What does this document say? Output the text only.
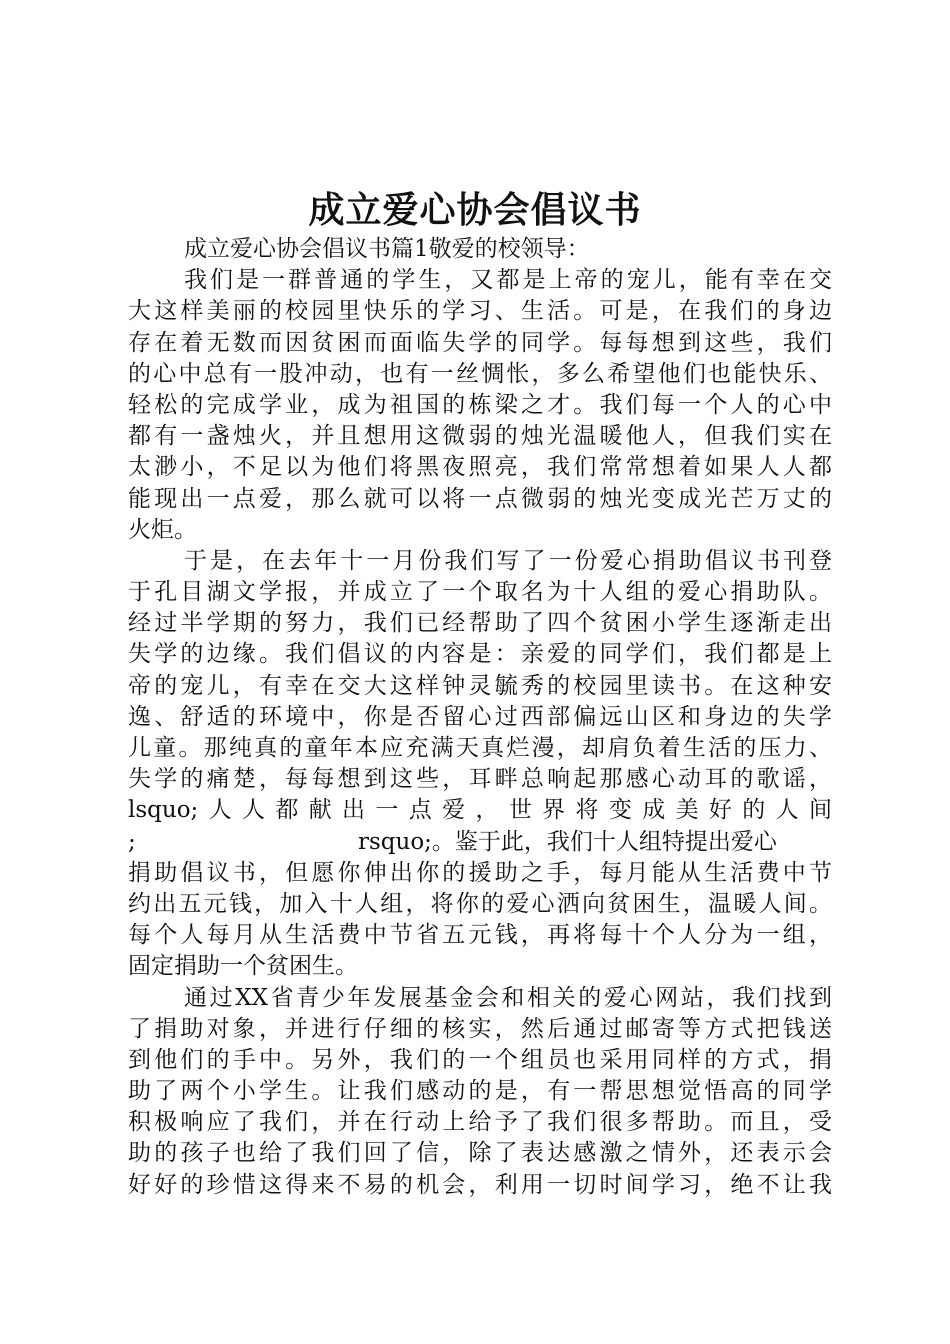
成立爱心协会倡议书
成立爱心协会倡议书篇1敬爱的校领导：
我们是一群普通的学生，又都是上帝的宠儿，能有幸在交
大这样美丽的校园里快乐的学习、生活。可是，在我们的身边
存在着无数而因贫困而面临失学的同学。每每想到这些，我们
的心中总有一股冲动，也有一丝惆怅，多么希望他们也能快乐、
轻松的完成学业，成为祖国的栋梁之才。我们每一个人的心中
都有一盏烛火，并且想用这微弱的烛光温暖他人，但我们实在
太渺小，不足以为他们将黑夜照亮，我们常常想着如果人人都
能现出一点爱，那么就可以将一点微弱的烛光变成光芒万丈的
火炬。
于是，在去年十一月份我们写了一份爱心捐助倡议书刊登
于孔目湖文学报，并成立了一个取名为十人组的爱心捐助队。
经过半学期的努力，我们已经帮助了四个贫困小学生逐渐走出
失学的边缘。我们倡议的内容是：亲爱的同学们，我们都是上
帝的宠儿，有幸在交大这样钟灵毓秀的校园里读书。在这种安
逸、舒适的环境中，你是否留心过西部偏远山区和身边的失学
儿童。那纯真的童年本应充满天真烂漫，却肩负着生活的压力、
失学的痛楚，每每想到这些，耳畔总响起那感心动耳的歌谣，
lsquo;人人都献出一点爱，世界将变成美好的人间
;	rsquo;。鉴于此，我们十人组特提出爱心
捐助倡议书，但愿你伸出你的援助之手，每月能从生活费中节
约出五元钱，加入十人组，将你的爱心洒向贫困生，温暖人间。
每个人每月从生活费中节省五元钱，再将每十个人分为一组，
固定捐助一个贫困生。
通过XX省青少年发展基金会和相关的爱心网站，我们找到
了捐助对象，并进行仔细的核实，然后通过邮寄等方式把钱送
到他们的手中。另外，我们的一个组员也采用同样的方式，捐
助了两个小学生。让我们感动的是，有一帮思想觉悟高的同学
积极响应了我们，并在行动上给予了我们很多帮助。而且，受
助的孩子也给了我们回了信，除了表达感激之情外，还表示会
好好的珍惜这得来不易的机会，利用一切时间学习，绝不让我
